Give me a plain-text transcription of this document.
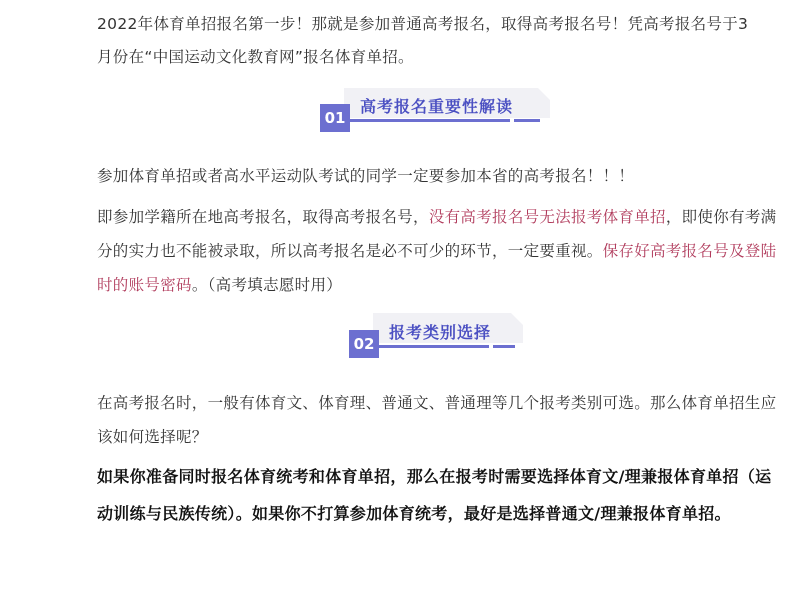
2022年体育单招报名第一步！那就是参加普通高考报名，取得高考报名号！凭高考报名号于3
月份在“中国运动文化教育网”报名体育单招。

01
高考报名重要性解读

参加体育单招或者高水平运动队考试的同学一定要参加本省的高考报名！！！

即参加学籍所在地高考报名，取得高考报名号，没有高考报名号无法报考体育单招，即使你有考满分的实力也不能被录取，所以高考报名是必不可少的环节，一定要重视。保存好高考报名号及登陆时的账号密码。（高考填志愿时用）

02
报考类别选择

在高考报名时，一般有体育文、体育理、普通文、普通理等几个报考类别可选。那么体育单招生应该如何选择呢？

如果你准备同时报名体育统考和体育单招，那么在报考时需要选择体育文/理兼报体育单招（运动训练与民族传统）。如果你不打算参加体育统考，最好是选择普通文/理兼报体育单招。
